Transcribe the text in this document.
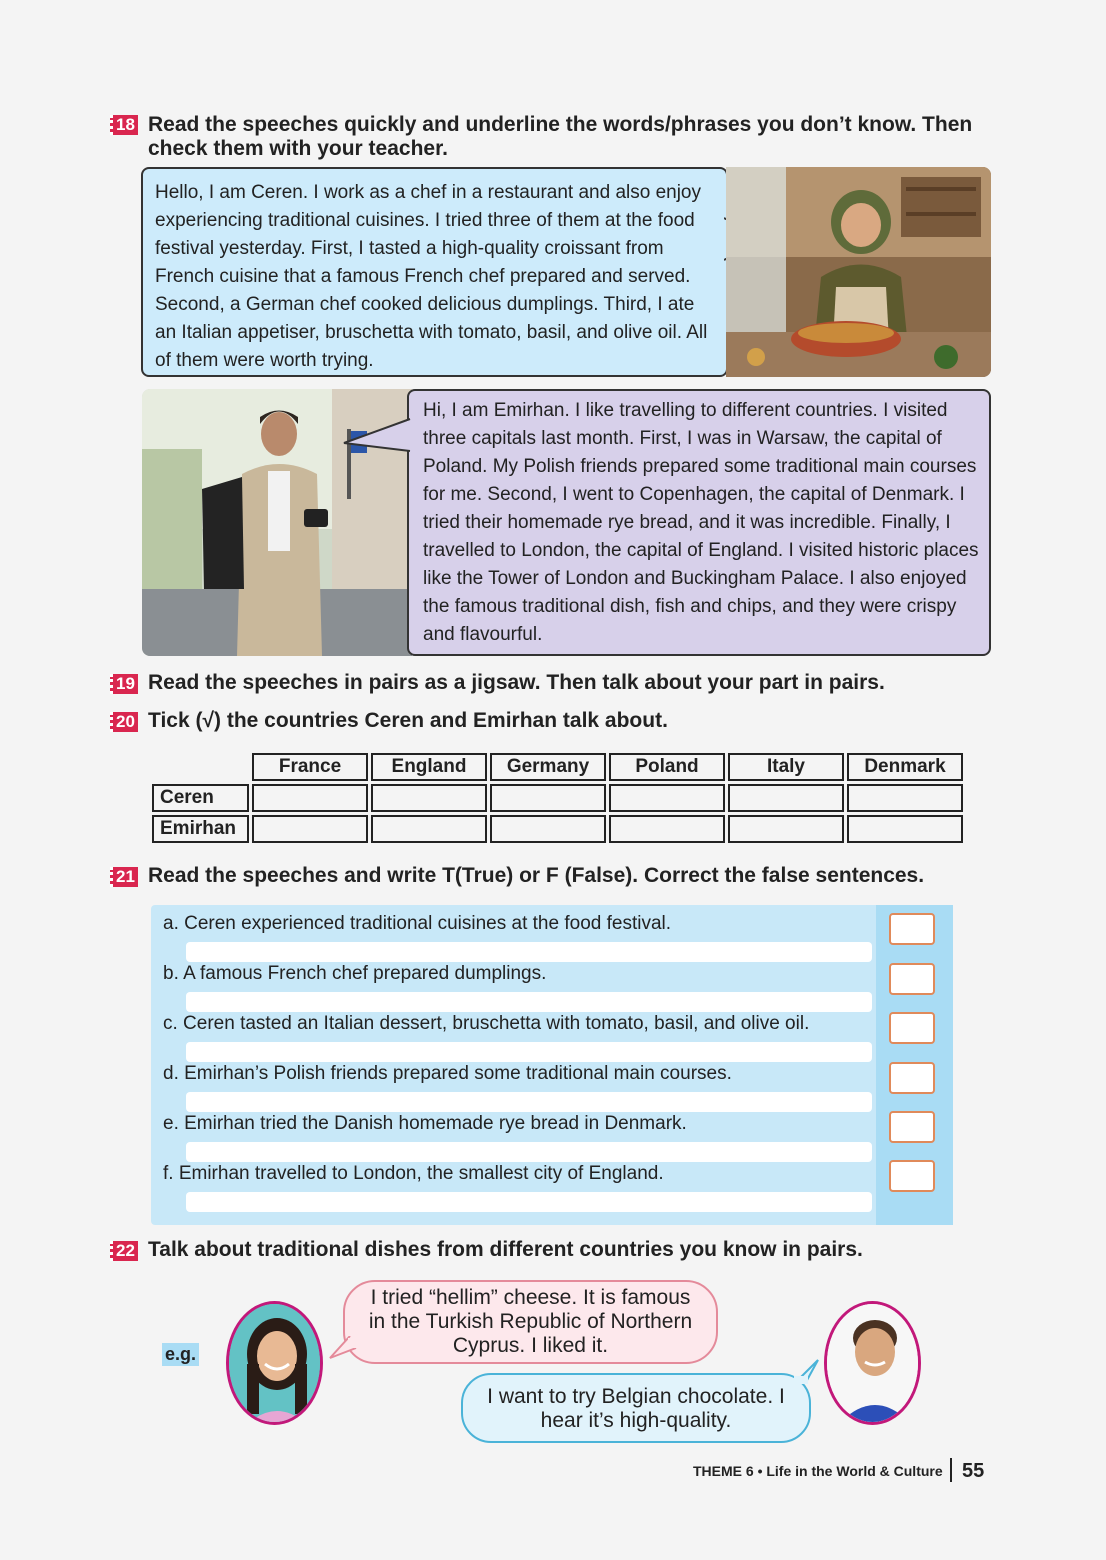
18 Read the speeches quickly and underline the words/phrases you don’t know. Then check them with your teacher.
Hello, I am Ceren. I work as a chef in a restaurant and also enjoy experiencing traditional cuisines. I tried three of them at the food festival yesterday. First, I tasted a high-quality croissant from French cuisine that a famous French chef prepared and served. Second, a German chef cooked delicious dumplings. Third, I ate an Italian appetiser, bruschetta with tomato, basil, and olive oil. All of them were worth trying.
Hi, I am Emirhan. I like travelling to different countries. I visited three capitals last month. First, I was in Warsaw, the capital of Poland. My Polish friends prepared some traditional main courses for me. Second, I went to Copenhagen, the capital of Denmark. I tried their homemade rye bread, and it was incredible. Finally, I travelled to London, the capital of England. I visited historic places like the Tower of London and Buckingham Palace. I also enjoyed the famous traditional dish, fish and chips, and they were crispy and flavourful.
19 Read the speeches in pairs as a jigsaw. Then talk about your part in pairs.
20 Tick (√) the countries Ceren and Emirhan talk about.
	France	England	Germany	Poland	Italy	Denmark
Ceren						
Emirhan						
21 Read the speeches and write T(True) or F (False). Correct the false sentences.
a. Ceren experienced traditional cuisines at the food festival.
b. A famous French chef prepared dumplings.
c. Ceren tasted an Italian dessert, bruschetta with tomato, basil, and olive oil.
d. Emirhan’s Polish friends prepared some traditional main courses.
e. Emirhan tried the Danish homemade rye bread in Denmark.
f. Emirhan travelled to London, the smallest city of England.
22 Talk about traditional dishes from different countries you know in pairs.
e.g.
I tried “hellim” cheese. It is famous in the Turkish Republic of Northern Cyprus. I liked it.
I want to try Belgian chocolate. I hear it’s high-quality.
THEME 6 • Life in the World & Culture 55
